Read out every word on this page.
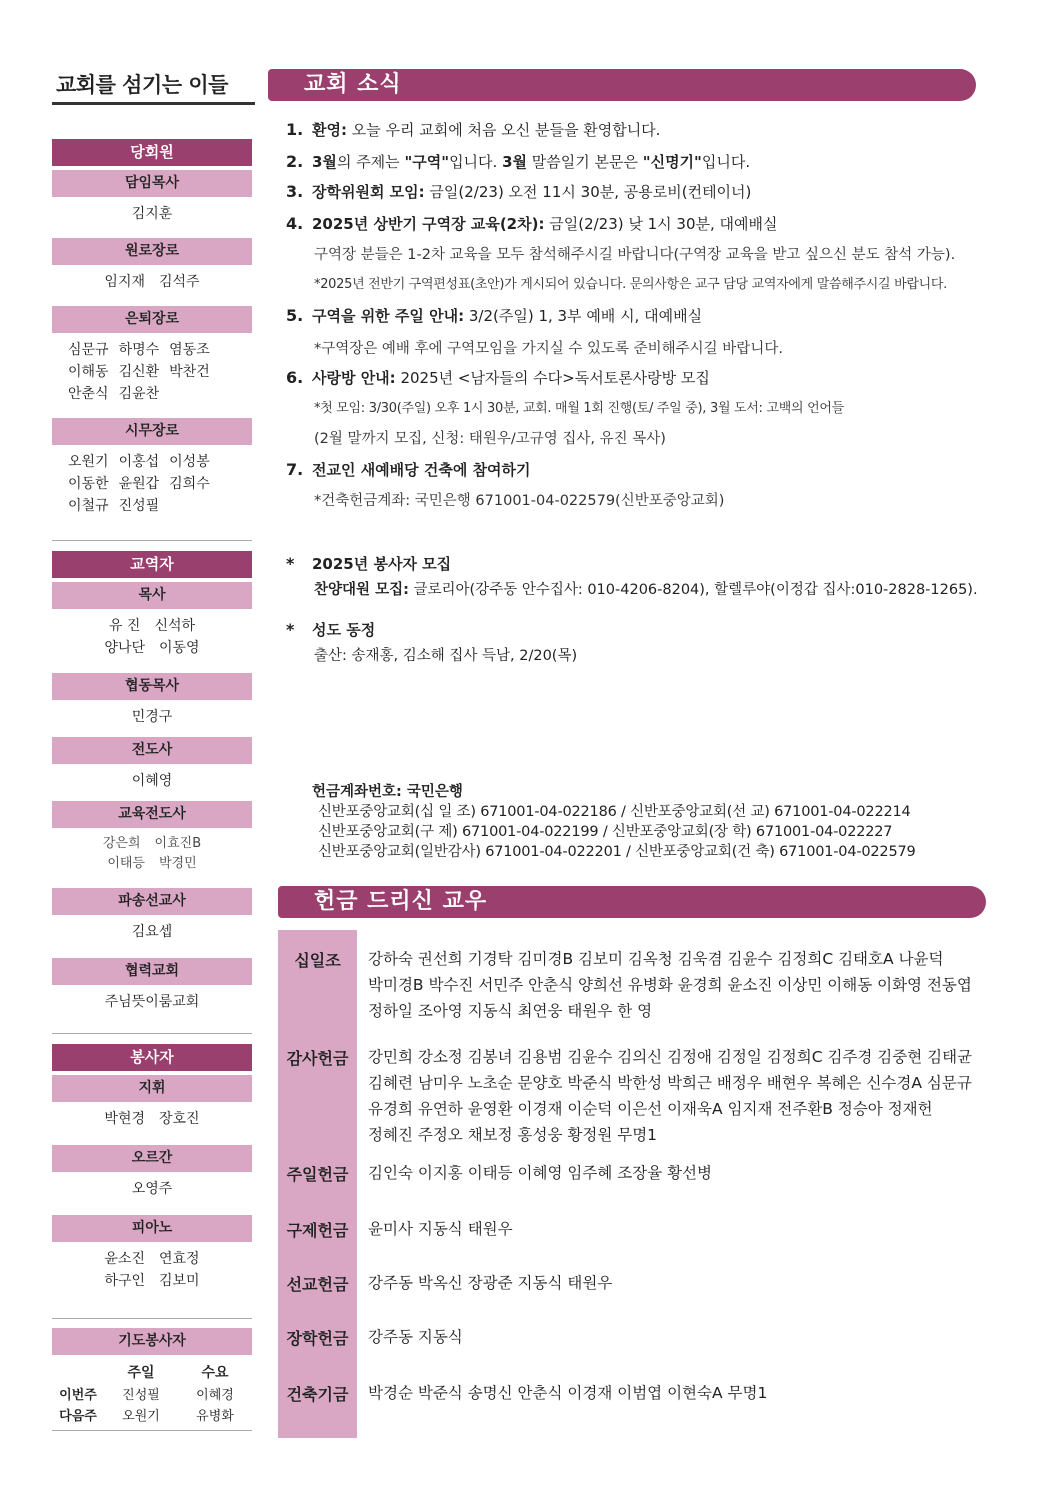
교회를 섬기는 이들
당회원
담임목사
김지훈
원로장로
임지재 김석주
은퇴장로
심문규 하명수 염동조
이해동 김신환 박찬건
안춘식 김윤찬
시무장로
오원기 이홍섭 이성봉
이동한 윤원갑 김희수
이철규 진성필
교역자
목사
유 진 신석하
양나단 이동영
협동목사
민경구
전도사
이혜영
교육전도사
강은희 이효진B
이태등 박경민
파송선교사
김요셉
협력교회
주님뜻이룸교회
봉사자
지휘
박현경 장호진
오르간
오영주
피아노
윤소진 연효정
하구인 김보미
기도봉사자
	주일	수요
이번주	진성필	이혜경
다음주	오원기	유병화
교회 소식
1. 환영: 오늘 우리 교회에 처음 오신 분들을 환영합니다.
2. 3월의 주제는 "구역"입니다. 3월 말씀일기 본문은 "신명기"입니다.
3. 장학위원회 모임: 금일(2/23) 오전 11시 30분, 공용로비(컨테이너)
4. 2025년 상반기 구역장 교육(2차): 금일(2/23) 낮 1시 30분, 대예배실
구역장 분들은 1-2차 교육을 모두 참석해주시길 바랍니다(구역장 교육을 받고 싶으신 분도 참석 가능).
*2025년 전반기 구역편성표(초안)가 게시되어 있습니다. 문의사항은 교구 담당 교역자에게 말씀해주시길 바랍니다.
5. 구역을 위한 주일 안내: 3/2(주일) 1, 3부 예배 시, 대예배실
*구역장은 예배 후에 구역모임을 가지실 수 있도록 준비해주시길 바랍니다.
6. 사랑방 안내: 2025년 <남자들의 수다>독서토론사랑방 모집
*첫 모임: 3/30(주일) 오후 1시 30분, 교회. 매월 1회 진행(토/ 주일 중), 3월 도서: 고백의 언어들
(2월 말까지 모집, 신청: 태원우/고규영 집사, 유진 목사)
7. 전교인 새예배당 건축에 참여하기
*건축헌금계좌: 국민은행 671001-04-022579(신반포중앙교회)
* 2025년 봉사자 모집
찬양대원 모집: 글로리아(강주동 안수집사: 010-4206-8204), 할렐루야(이정갑 집사:010-2828-1265).
* 성도 동정
출산: 송재홍, 김소해 집사 득남, 2/20(목)
헌금계좌번호: 국민은행
신반포중앙교회(십 일 조) 671001-04-022186 / 신반포중앙교회(선 교) 671001-04-022214
신반포중앙교회(구 제) 671001-04-022199 / 신반포중앙교회(장 학) 671001-04-022227
신반포중앙교회(일반감사) 671001-04-022201 / 신반포중앙교회(건 축) 671001-04-022579
헌금 드리신 교우
십일조	강하숙 권선희 기경탁 김미경B 김보미 김옥청 김욱겸 김윤수 김정희C 김태호A 나윤덕 박미경B 박수진 서민주 안춘식 양희선 유병화 윤경희 윤소진 이상민 이해동 이화영 전동엽 정하일 조아영 지동식 최연웅 태원우 한 영
감사헌금	강민희 강소정 김봉녀 김용범 김윤수 김의신 김정애 김정일 김정희C 김주경 김중현 김태균 김혜련 남미우 노초순 문양호 박준식 박한성 박희근 배정우 배현우 복혜은 신수경A 심문규 유경희 유연하 윤영환 이경재 이순덕 이은선 이재욱A 임지재 전주환B 정승아 정재헌 정혜진 주정오 채보정 홍성웅 황정원 무명1
주일헌금	김인숙 이지홍 이태등 이혜영 임주혜 조장율 황선병
구제헌금	윤미사 지동식 태원우
선교헌금	강주동 박옥신 장광준 지동식 태원우
장학헌금	강주동 지동식
건축기금	박경순 박준식 송명신 안춘식 이경재 이범엽 이현숙A 무명1
